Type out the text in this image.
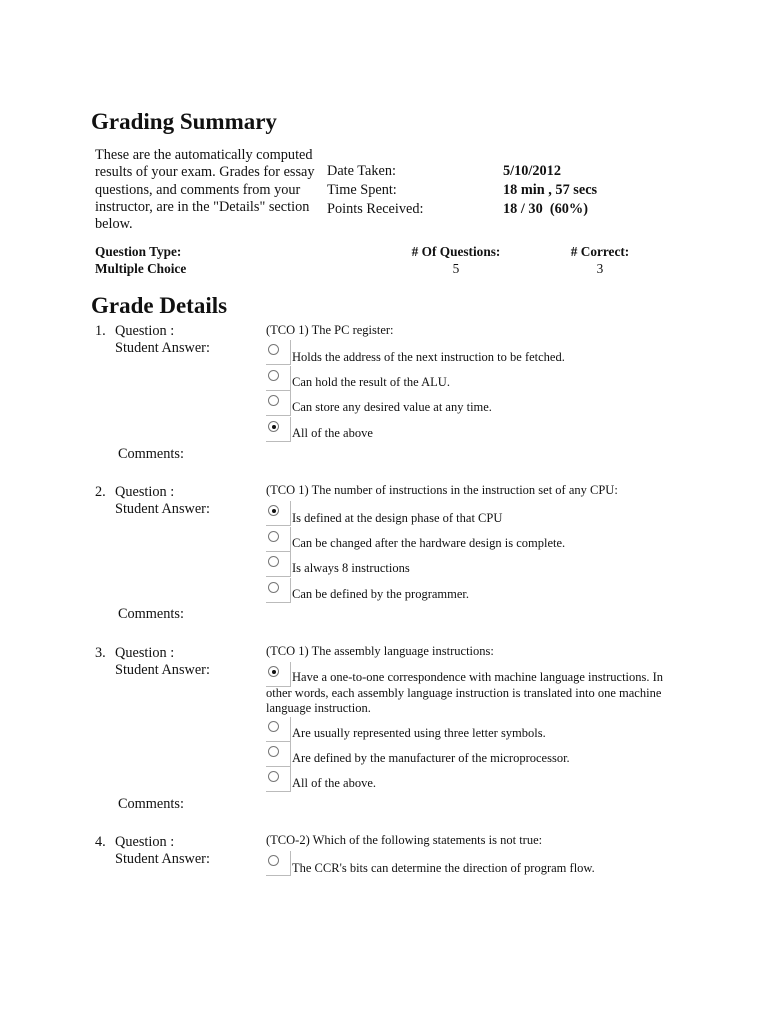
Grading Summary
These are the automatically computed results of your exam. Grades for essay questions, and comments from your instructor, are in the "Details" section below.
Date Taken:	5/10/2012
Time Spent:	18 min , 57 secs
Points Received:	18 / 30  (60%)
Question Type:	# Of Questions:	# Correct:
Multiple Choice	5	3
Grade Details
1. Question :
Student Answer:
(TCO 1) The PC register:
Holds the address of the next instruction to be fetched.
Can hold the result of the ALU.
Can store any desired value at any time.
All of the above
Comments:
2. Question :
Student Answer:
(TCO 1) The number of instructions in the instruction set of any CPU:
Is defined at the design phase of that CPU
Can be changed after the hardware design is complete.
Is always 8 instructions
Can be defined by the programmer.
Comments:
3. Question :
Student Answer:
(TCO 1) The assembly language instructions:
Have a one-to-one correspondence with machine language instructions. In other words, each assembly language instruction is translated into one machine language instruction.
Are usually represented using three letter symbols.
Are defined by the manufacturer of the microprocessor.
All of the above.
Comments:
4. Question :
Student Answer:
(TCO-2) Which of the following statements is not true:
The CCR's bits can determine the direction of program flow.
